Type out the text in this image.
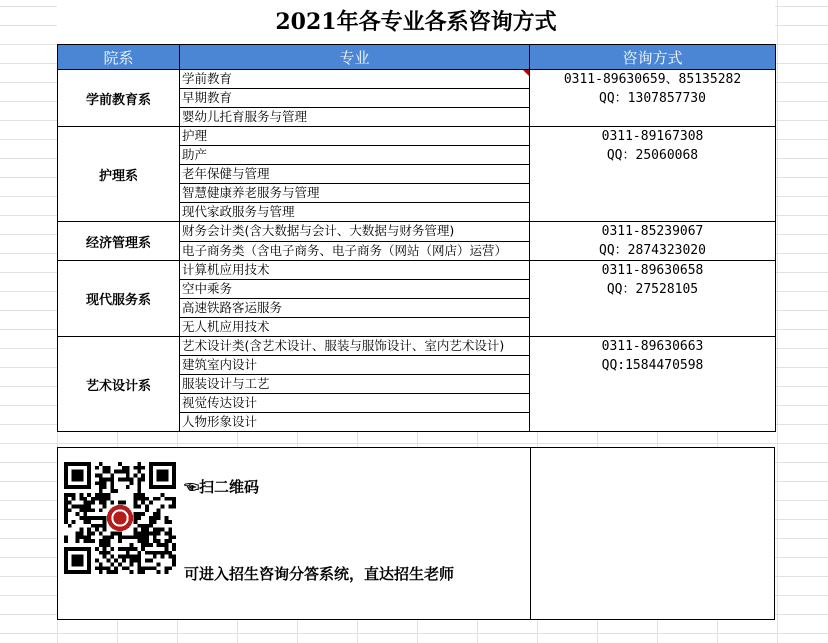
2021年各专业各系咨询方式
院系	专业	咨询方式
学前教育系	学前教育	0311-89630659、85135282
QQ：1307857730

	早期教育	
	婴幼儿托育服务与管理	
护理系	护理	0311-89167308
QQ：25060068

	助产	
	老年保健与管理	
	智慧健康养老服务与管理	
	现代家政服务与管理	
经济管理系	财务会计类(含大数据与会计、大数据与财务管理)	0311-85239067
QQ：2874323020

	电子商务类（含电子商务、电子商务（网站（网店）运营）	
现代服务系	计算机应用技术	0311-89630658
QQ：27528105

	空中乘务	
	高速铁路客运服务	
	无人机应用技术	
艺术设计系	艺术设计类(含艺术设计、服装与服饰设计、室内艺术设计)	0311-89630663
QQ:1584470598

	建筑室内设计	
	服装设计与工艺	
	视觉传达设计	
	人物形象设计	
☜扫二维码
可进入招生咨询分答系统，直达招生老师
